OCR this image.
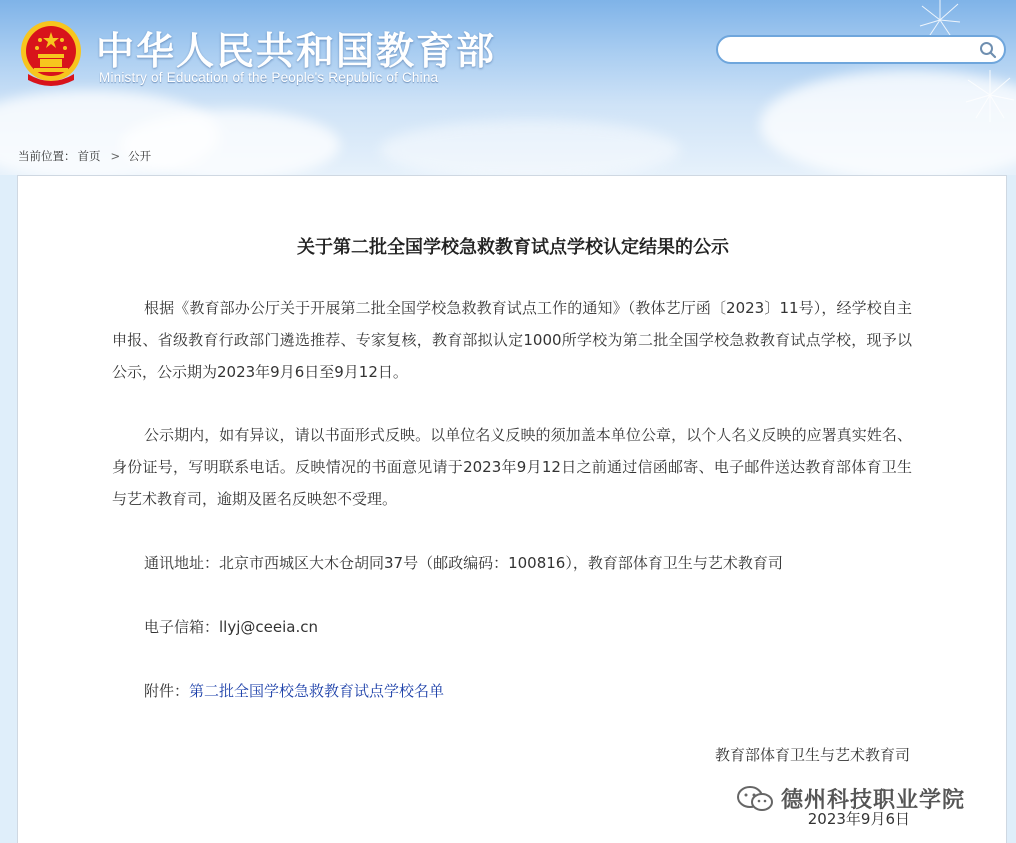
中华人民共和国教育部
Ministry of Education of the People's Republic of China
当前位置： 首页 > 公开
关于第二批全国学校急救教育试点学校认定结果的公示
根据《教育部办公厅关于开展第二批全国学校急救教育试点工作的通知》（教体艺厅函〔2023〕11号），经学校自主申报、省级教育行政部门遴选推荐、专家复核，教育部拟认定1000所学校为第二批全国学校急救教育试点学校，现予以公示，公示期为2023年9月6日至9月12日。
公示期内，如有异议，请以书面形式反映。以单位名义反映的须加盖本单位公章，以个人名义反映的应署真实姓名、身份证号，写明联系电话。反映情况的书面意见请于2023年9月12日之前通过信函邮寄、电子邮件送达教育部体育卫生与艺术教育司，逾期及匿名反映恕不受理。
通讯地址：北京市西城区大木仓胡同37号（邮政编码：100816），教育部体育卫生与艺术教育司
电子信箱：llyj@ceeia.cn
附件：第二批全国学校急救教育试点学校名单
教育部体育卫生与艺术教育司
2023年9月6日
德州科技职业学院
